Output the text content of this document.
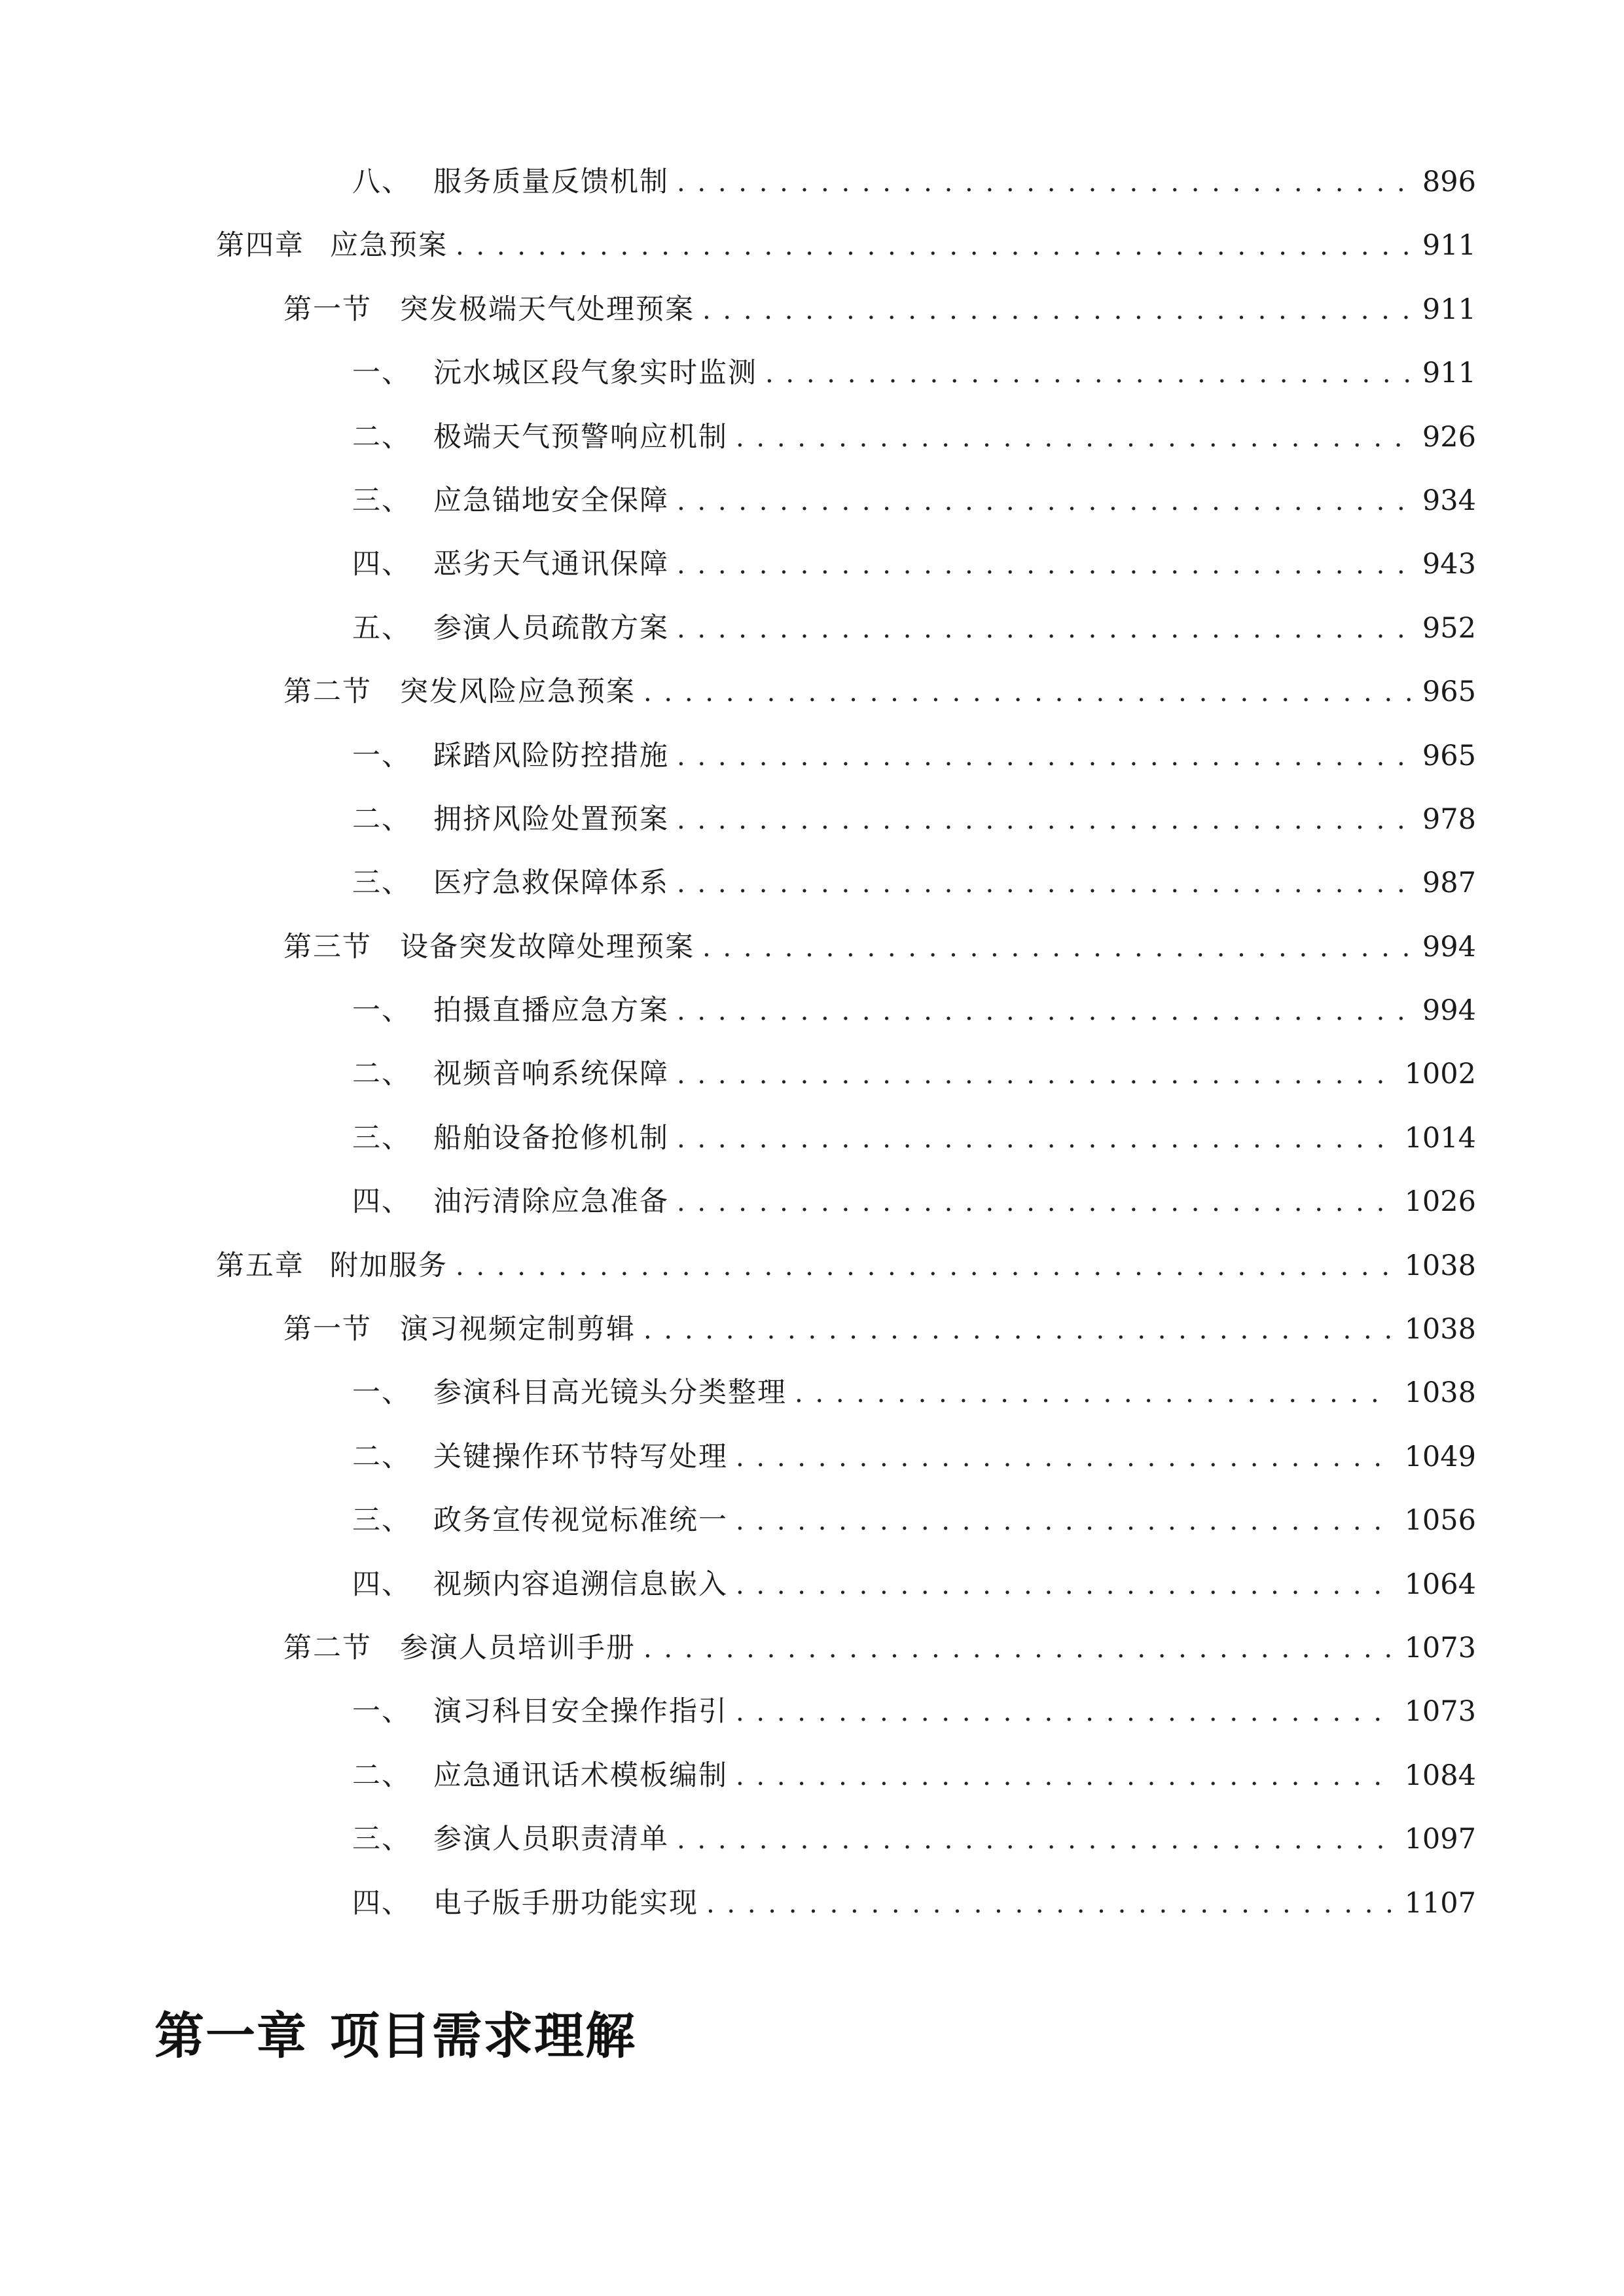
八、 服务质量反馈机制 . . .	896
第四章 应急预案 . . .	911
第一节 突发极端天气处理预案 . . .	911
一、 沅水城区段气象实时监测 . . .	911
二、 极端天气预警响应机制 . . .	926
三、 应急锚地安全保障 . . .	934
四、 恶劣天气通讯保障 . . .	943
五、 参演人员疏散方案 . . .	952
第二节 突发风险应急预案 . . .	965
一、 踩踏风险防控措施 . . .	965
二、 拥挤风险处置预案 . . .	978
三、 医疗急救保障体系 . . .	987
第三节 设备突发故障处理预案 . . .	994
一、 拍摄直播应急方案 . . .	994
二、 视频音响系统保障 . . .	1002
三、 船舶设备抢修机制 . . .	1014
四、 油污清除应急准备 . . .	1026
第五章 附加服务 . . .	1038
第一节 演习视频定制剪辑 . . .	1038
一、 参演科目高光镜头分类整理 . . .	1038
二、 关键操作环节特写处理 . . .	1049
三、 政务宣传视觉标准统一 . . .	1056
四、 视频内容追溯信息嵌入 . . .	1064
第二节 参演人员培训手册 . . .	1073
一、 演习科目安全操作指引 . . .	1073
二、 应急通讯话术模板编制 . . .	1084
三、 参演人员职责清单 . . .	1097
四、 电子版手册功能实现 . . .	1107
第一章 项目需求理解
